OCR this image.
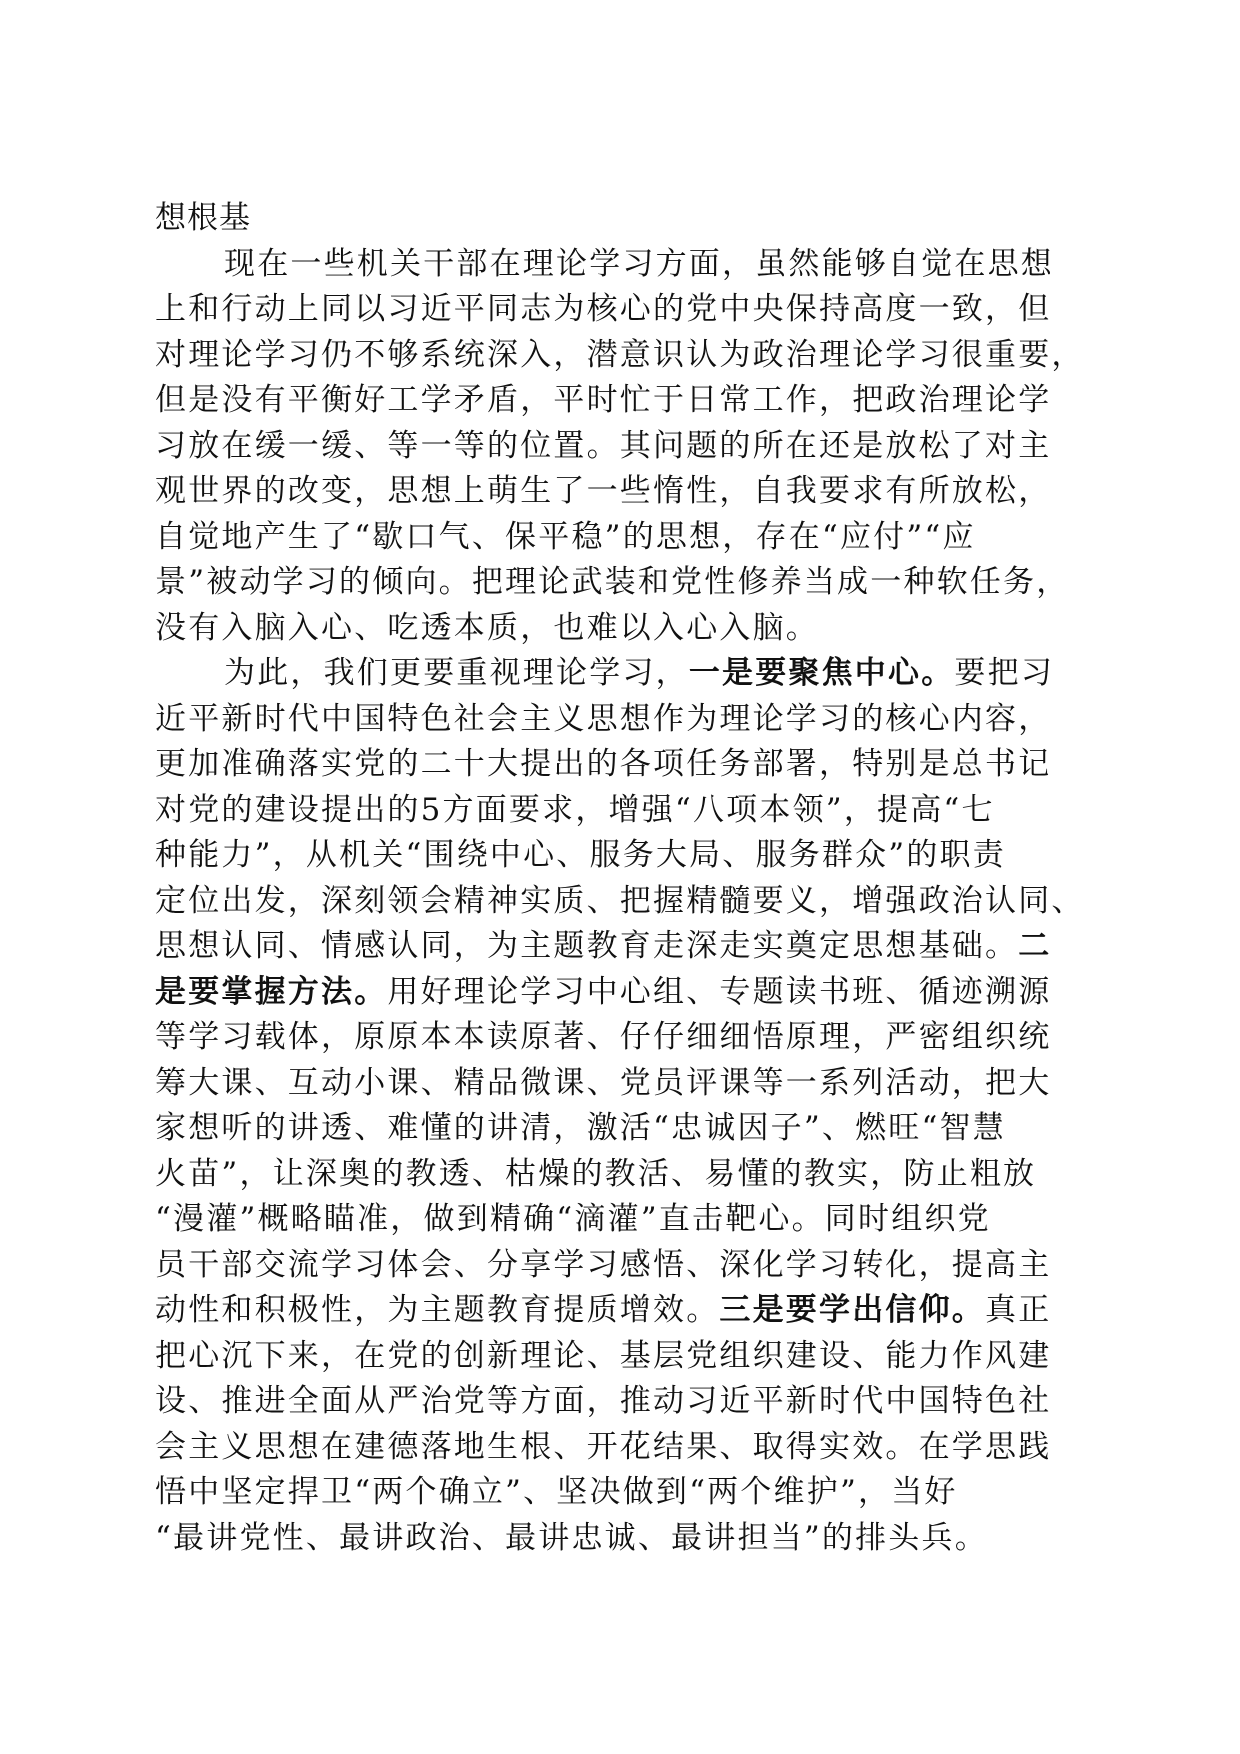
想根基
现在一些机关干部在理论学习方面，虽然能够自觉在思想
上和行动上同以习近平同志为核心的党中央保持高度一致，但
对理论学习仍不够系统深入，潜意识认为政治理论学习很重要，
但是没有平衡好工学矛盾，平时忙于日常工作，把政治理论学
习放在缓一缓、等一等的位置。其问题的所在还是放松了对主
观世界的改变，思想上萌生了一些惰性，自我要求有所放松，
自觉地产生了“歇口气、保平稳”的思想，存在“应付”“应
景”被动学习的倾向。把理论武装和党性修养当成一种软任务，
没有入脑入心、吃透本质，也难以入心入脑。
为此，我们更要重视理论学习，一是要聚焦中心。要把习
近平新时代中国特色社会主义思想作为理论学习的核心内容，
更加准确落实党的二十大提出的各项任务部署，特别是总书记
对党的建设提出的5方面要求，增强“八项本领”，提高“七
种能力”，从机关“围绕中心、服务大局、服务群众”的职责
定位出发，深刻领会精神实质、把握精髓要义，增强政治认同、
思想认同、情感认同，为主题教育走深走实奠定思想基础。二
是要掌握方法。用好理论学习中心组、专题读书班、循迹溯源
等学习载体，原原本本读原著、仔仔细细悟原理，严密组织统
筹大课、互动小课、精品微课、党员评课等一系列活动，把大
家想听的讲透、难懂的讲清，激活“忠诚因子”、燃旺“智慧
火苗”，让深奥的教透、枯燥的教活、易懂的教实，防止粗放
“漫灌”概略瞄准，做到精确“滴灌”直击靶心。同时组织党
员干部交流学习体会、分享学习感悟、深化学习转化，提高主
动性和积极性，为主题教育提质增效。三是要学出信仰。真正
把心沉下来，在党的创新理论、基层党组织建设、能力作风建
设、推进全面从严治党等方面，推动习近平新时代中国特色社
会主义思想在建德落地生根、开花结果、取得实效。在学思践
悟中坚定捍卫“两个确立”、坚决做到“两个维护”，当好
“最讲党性、最讲政治、最讲忠诚、最讲担当”的排头兵。
